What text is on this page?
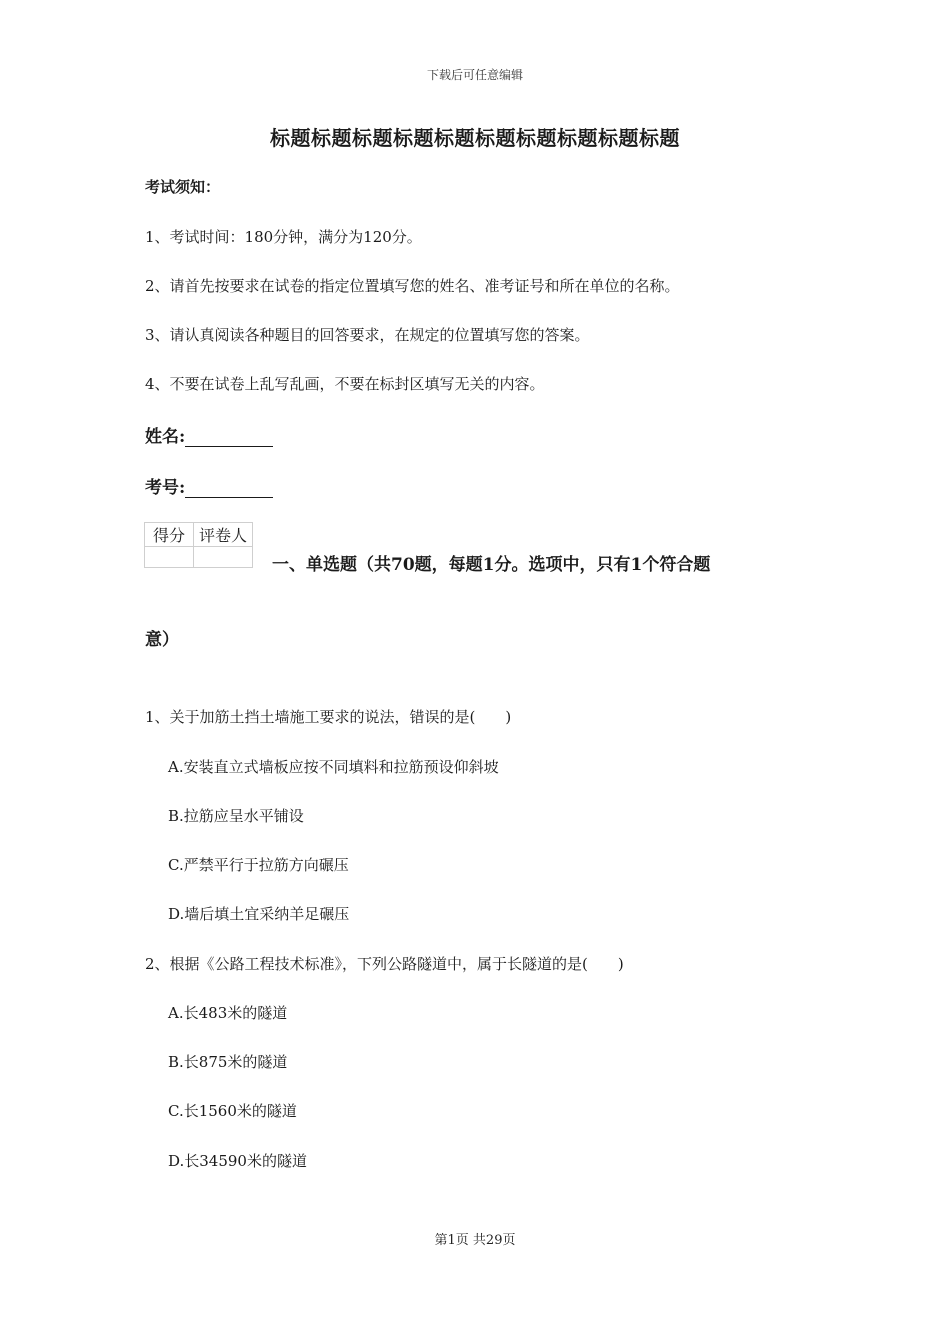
下载后可任意编辑
标题标题标题标题标题标题标题标题标题标题
考试须知：
1、考试时间：180分钟，满分为120分。
2、请首先按要求在试卷的指定位置填写您的姓名、准考证号和所在单位的名称。
3、请认真阅读各种题目的回答要求，在规定的位置填写您的答案。
4、不要在试卷上乱写乱画，不要在标封区填写无关的内容。
姓名:
考号:
得分	评卷人

一、单选题（共70题，每题1分。选项中，只有1个符合题
意）
1、关于加筋土挡土墙施工要求的说法，错误的是(　　)
A.安装直立式墙板应按不同填料和拉筋预设仰斜坡
B.拉筋应呈水平铺设
C.严禁平行于拉筋方向碾压
D.墙后填土宜采纳羊足碾压
2、根据《公路工程技术标准》，下列公路隧道中，属于长隧道的是(　　)
A.长483米的隧道
B.长875米的隧道
C.长1560米的隧道
D.长34590米的隧道
第1页 共29页
